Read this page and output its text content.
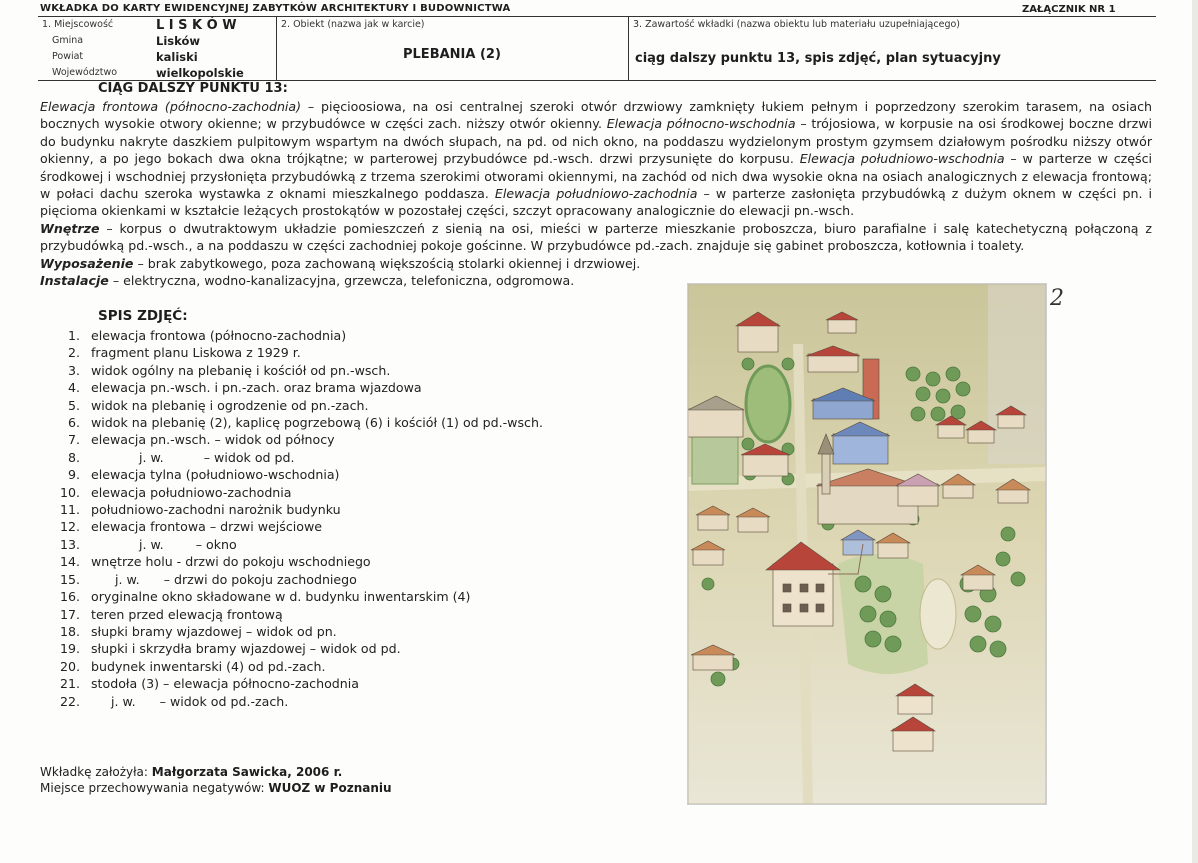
WKŁADKA DO KARTY EWIDENCYJNEJ ZABYTKÓW ARCHITEKTURY I BUDOWNICTWA	ZAŁĄCZNIK NR 1
1. Miejscowość	L I S K Ó W
Gmina	Lisków
Powiat	kaliski
Województwo	wielkopolskie
2. Obiekt (nazwa jak w karcie)
PLEBANIA (2)
3. Zawartość wkładki (nazwa obiektu lub materiału uzupełniającego)
ciąg dalszy punktu 13, spis zdjęć, plan sytuacyjny
CIĄG DALSZY PUNKTU 13:

Elewacja frontowa (północno-zachodnia) – pięcioosiowa, na osi centralnej szeroki otwór drzwiowy zamknięty łukiem pełnym i poprzedzony szerokim tarasem, na osiach bocznych wysokie otwory okienne; w przybudówce w części zach. niższy otwór okienny. Elewacja północno-wschodnia – trójosiowa, w korpusie na osi środkowej boczne drzwi do budynku nakryte daszkiem pulpitowym wspartym na dwóch słupach, na pd. od nich okno, na poddaszu wydzielonym prostym gzymsem działowym pośrodku niższy otwór okienny, a po jego bokach dwa okna trójkątne; w parterowej przybudówce pd.-wsch. drzwi przysunięte do korpusu. Elewacja południowo-wschodnia – w parterze w części środkowej i wschodniej przysłonięta przybudówką z trzema szerokimi otworami okiennymi, na zachód od nich dwa wysokie okna na osiach analogicznych z elewacja frontową; w połaci dachu szeroka wystawka z oknami mieszkalnego poddasza. Elewacja południowo-zachodnia – w parterze zasłonięta przybudówką z dużym oknem w części pn. i pięcioma okienkami w kształcie leżących prostokątów w pozostałej części, szczyt opracowany analogicznie do elewacji pn.-wsch.

Wnętrze – korpus o dwutraktowym układzie pomieszczeń z sienią na osi, mieści w parterze mieszkanie proboszcza, biuro parafialne i salę katechetyczną połączoną z przybudówką pd.-wsch., a na poddaszu w części zachodniej pokoje gościnne. W przybudówce pd.-zach. znajduje się gabinet proboszcza, kotłownia i toalety.

Wyposażenie – brak zabytkowego, poza zachowaną większością stolarki okiennej i drzwiowej.

Instalacje – elektryczna, wodno-kanalizacyjna, grzewcza, telefoniczna, odgromowa.

SPIS ZDJĘĆ:
1. elewacja frontowa (północno-zachodnia)
2. fragment planu Liskowa z 1929 r.
3. widok ogólny na plebanię i kościół od pn.-wsch.
4. elewacja pn.-wsch. i pn.-zach. oraz brama wjazdowa
5. widok na plebanię i ogrodzenie od pn.-zach.
6. widok na plebanię (2), kaplicę pogrzebową (6) i kościół (1) od pd.-wsch.
7. elewacja pn.-wsch. – widok od północy
8. j. w.          – widok od pd.
9. elewacja tylna (południowo-wschodnia)
10. elewacja południowo-zachodnia
11. południowo-zachodni narożnik budynku
12. elewacja frontowa – drzwi wejściowe
13. j. w.        – okno
14. wnętrze holu - drzwi do pokoju wschodniego
15. j. w.      – drzwi do pokoju zachodniego
16. oryginalne okno składowane w d. budynku inwentarskim (4)
17. teren przed elewacją frontową
18. słupki bramy wjazdowej – widok od pn.
19. słupki i skrzydła bramy wjazdowej – widok od pd.
20. budynek inwentarski (4) od pd.-zach.
21. stodoła (3) – elewacja północno-zachodnia
22. j. w.      – widok od pd.-zach.
Wkładkę założyła: Małgorzata Sawicka, 2006 r.
Miejsce przechowywania negatywów: WUOZ w Poznaniu
2
